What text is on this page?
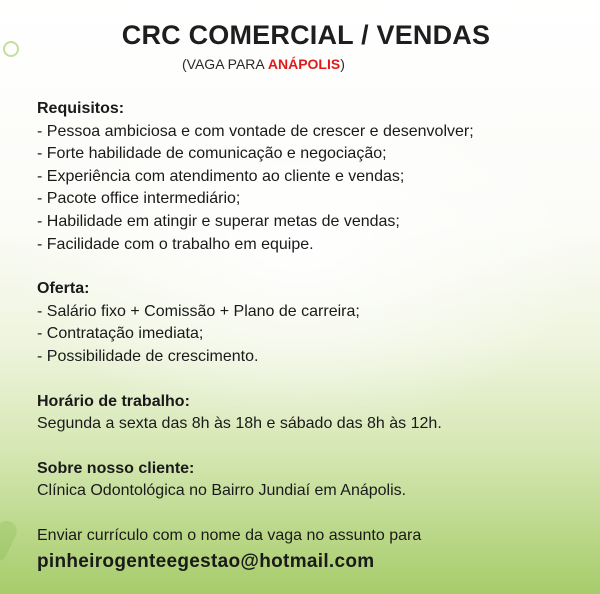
CRC COMERCIAL / VENDAS
(VAGA PARA ANÁPOLIS)
Requisitos:
- Pessoa ambiciosa e com vontade de crescer e desenvolver;
- Forte habilidade de comunicação e negociação;
- Experiência com atendimento ao cliente e vendas;
- Pacote office intermediário;
- Habilidade em atingir e superar metas de vendas;
- Facilidade com o trabalho em equipe.
Oferta:
- Salário fixo + Comissão + Plano de carreira;
- Contratação imediata;
- Possibilidade de crescimento.
Horário de trabalho:
Segunda a sexta das 8h às 18h e sábado das 8h às 12h.
Sobre nosso cliente:
Clínica Odontológica no Bairro Jundiaí em Anápolis.
Enviar currículo com o nome da vaga no assunto para
pinheirogenteegestao@hotmail.com
